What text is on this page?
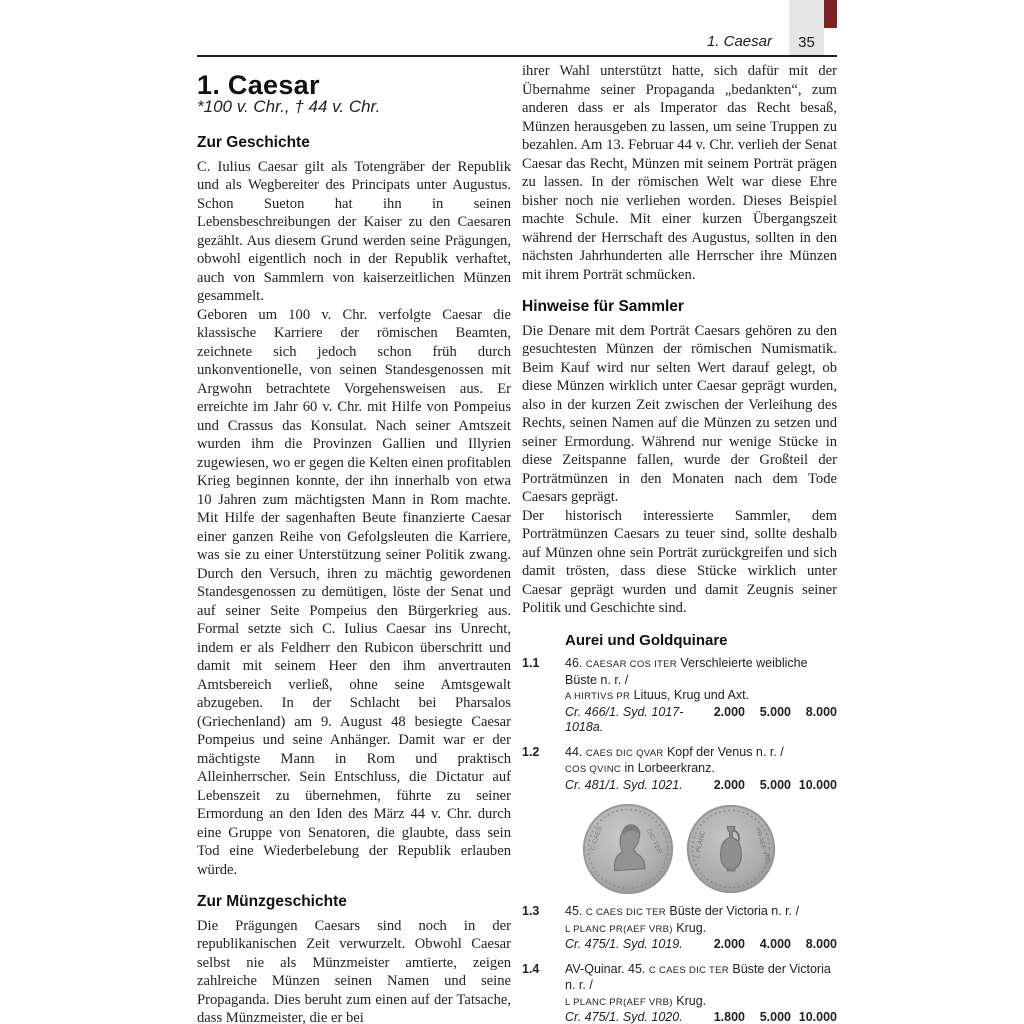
1. Caesar 35
1. Caesar
*100 v. Chr., † 44 v. Chr.
Zur Geschichte

C. Iulius Caesar gilt als Totengräber der Republik und als Wegbereiter des Principats unter Augustus. Schon Sueton hat ihn in seinen Lebensbeschreibungen der Kaiser zu den Caesaren gezählt. Aus diesem Grund werden seine Prägungen, obwohl eigentlich noch in der Republik verhaftet, auch von Sammlern von kaiserzeitlichen Münzen gesammelt.

Geboren um 100 v. Chr. verfolgte Caesar die klassische Karriere der römischen Beamten, zeichnete sich jedoch schon früh durch unkonventionelle, von seinen Standesgenossen mit Argwohn betrachtete Vorgehensweisen aus. Er erreichte im Jahr 60 v. Chr. mit Hilfe von Pompeius und Crassus das Konsulat. Nach seiner Amtszeit wurden ihm die Provinzen Gallien und Illyrien zugewiesen, wo er gegen die Kelten einen profitablen Krieg beginnen konnte, der ihn innerhalb von etwa 10 Jahren zum mächtigsten Mann in Rom machte. Mit Hilfe der sagenhaften Beute finanzierte Caesar einer ganzen Reihe von Gefolgsleuten die Karriere, was sie zu einer Unterstützung seiner Politik zwang. Durch den Versuch, ihren zu mächtig gewordenen Standesgenossen zu demütigen, löste der Senat und auf seiner Seite Pompeius den Bürgerkrieg aus. Formal setzte sich C. Iulius Caesar ins Unrecht, indem er als Feldherr den Rubicon überschritt und damit mit seinem Heer den ihm anvertrauten Amtsbereich verließ, ohne seine Amtsgewalt abzugeben. In der Schlacht bei Pharsalos (Griechenland) am 9. August 48 besiegte Caesar Pompeius und seine Anhänger. Damit war er der mächtigste Mann in Rom und praktisch Alleinherrscher. Sein Entschluss, die Dictatur auf Lebenszeit zu übernehmen, führte zu seiner Ermordung an den Iden des März 44 v. Chr. durch eine Gruppe von Senatoren, die glaubte, dass sein Tod eine Wiederbelebung der Republik erlauben würde.

Zur Münzgeschichte

Die Prägungen Caesars sind noch in der republikanischen Zeit verwurzelt. Obwohl Caesar selbst nie als Münzmeister amtierte, zeigen zahlreiche Münzen seinen Namen und seine Propaganda. Dies beruht zum einen auf der Tatsache, dass Münzmeister, die er bei

ihrer Wahl unterstützt hatte, sich dafür mit der Übernahme seiner Propaganda „bedankten“, zum anderen dass er als Imperator das Recht besaß, Münzen herausgeben zu lassen, um seine Truppen zu bezahlen. Am 13. Februar 44 v. Chr. verlieh der Senat Caesar das Recht, Münzen mit seinem Porträt prägen zu lassen. In der römischen Welt war diese Ehre bisher noch nie verliehen worden. Dieses Beispiel machte Schule. Mit einer kurzen Übergangszeit während der Herrschaft des Augustus, sollten in den nächsten Jahrhunderten alle Herrscher ihre Münzen mit ihrem Porträt schmücken.

Hinweise für Sammler

Die Denare mit dem Porträt Caesars gehören zu den gesuchtesten Münzen der römischen Numismatik. Beim Kauf wird nur selten Wert darauf gelegt, ob diese Münzen wirklich unter Caesar geprägt wurden, also in der kurzen Zeit zwischen der Verleihung des Rechts, seinen Namen auf die Münzen zu setzen und seiner Ermordung. Während nur wenige Stücke in diese Zeitspanne fallen, wurde der Großteil der Porträtmünzen in den Monaten nach dem Tode Caesars geprägt.

Der historisch interessierte Sammler, dem Porträtmünzen Caesars zu teuer sind, sollte deshalb auf Münzen ohne sein Porträt zurückgreifen und sich damit trösten, dass diese Stücke wirklich unter Caesar geprägt wurden und damit Zeugnis seiner Politik und Geschichte sind.

Aurei und Goldquinare
1.1	46. CAESAR COS ITER Verschleierte weibliche Büste n. r. /
A HIRTIVS PR Lituus, Krug und Axt.
Cr. 466/1. Syd. 1017-1018a.
2.000	5.000	8.000
1.2	44. CAES DIC QVAR Kopf der Venus n. r. /
COS QVINC in Lorbeerkranz.
Cr. 481/1. Syd. 1021.	2.000	5.000 10.000
C·CAES	DIC·TER	L·PLANC	PR·AEF·VRB
1.3	45. C CAES DIC TER Büste der Victoria n. r. /
L PLANC PR(AEF VRB) Krug.
Cr. 475/1. Syd. 1019.	2.000	4.000	8.000
1.4	AV-Quinar. 45. C CAES DIC TER Büste der Victoria n. r. /
L PLANC PR(AEF VRB) Krug.
Cr. 475/1. Syd. 1020.	1.800	5.000 10.000
